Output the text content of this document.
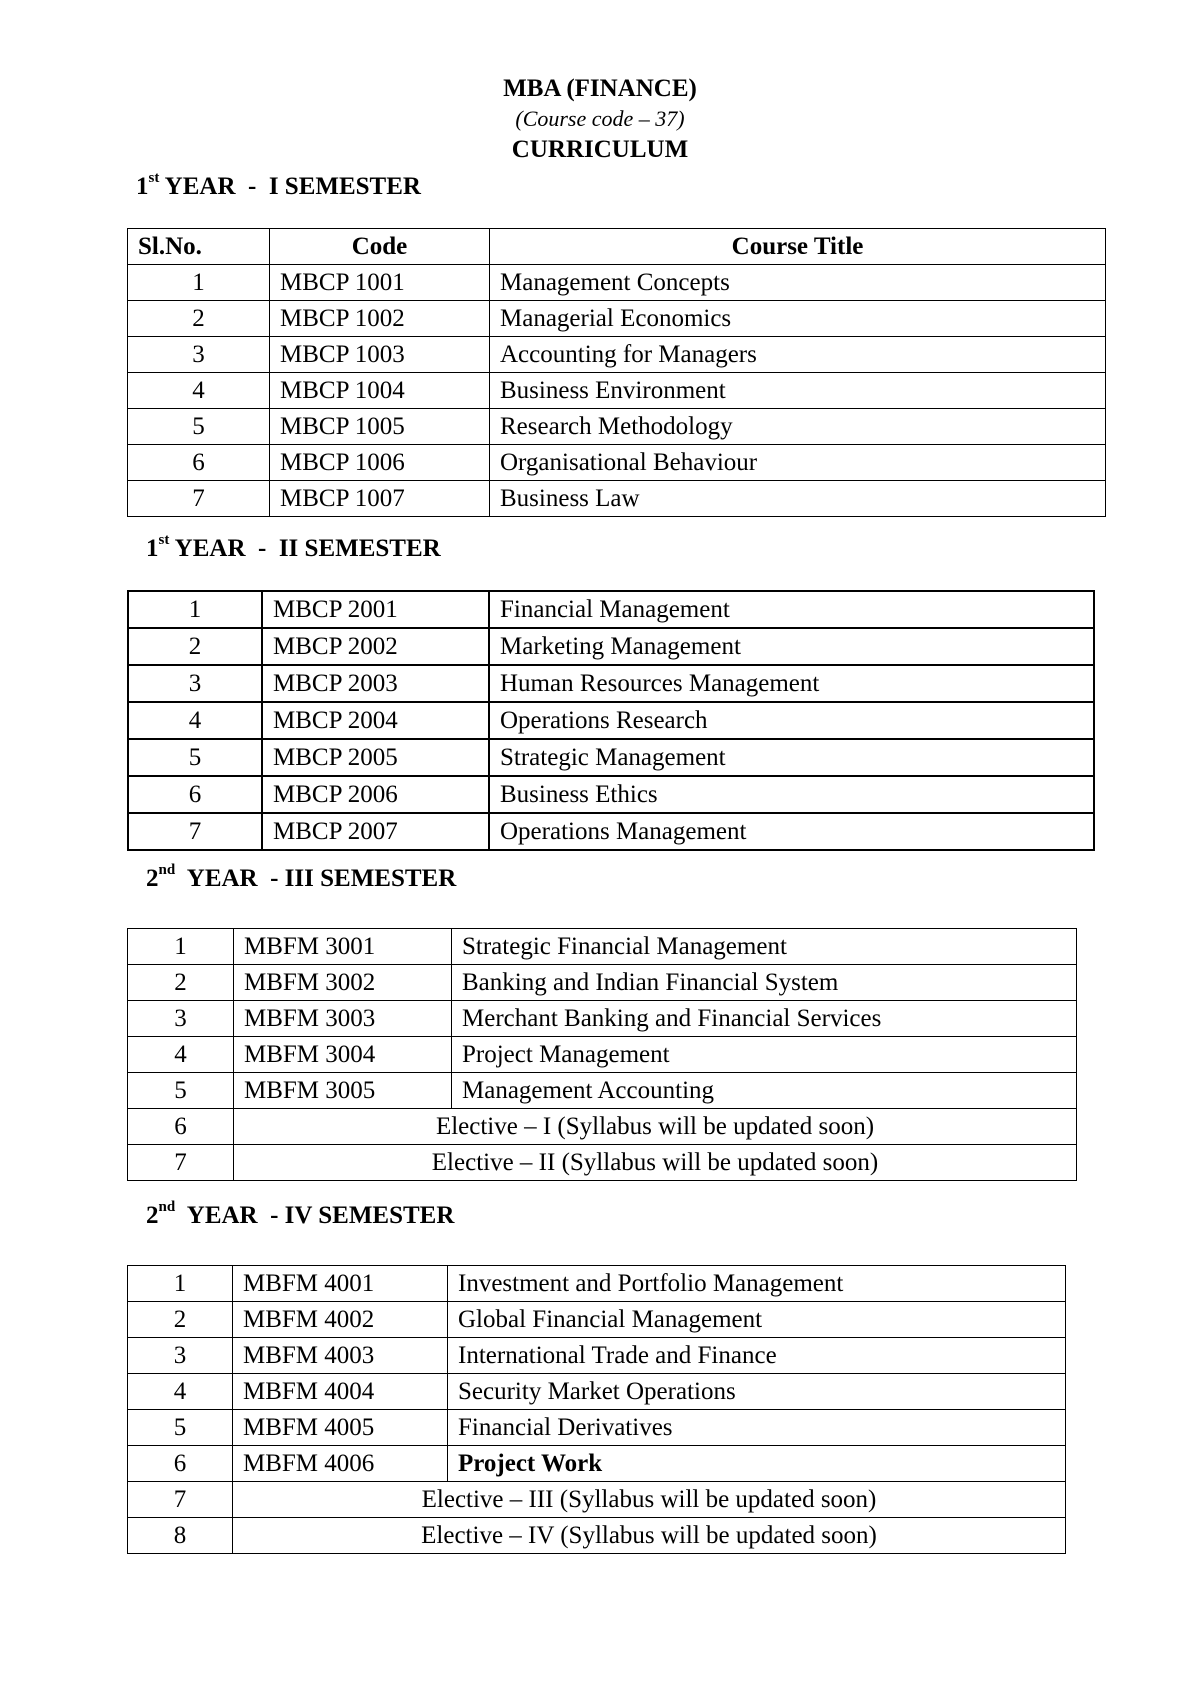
MBA (FINANCE)
(Course code – 37)
CURRICULUM
1st YEAR  -  I SEMESTER
Sl.No.	Code	Course Title
1	MBCP 1001	Management Concepts
2	MBCP 1002	Managerial Economics
3	MBCP 1003	Accounting for Managers
4	MBCP 1004	Business Environment
5	MBCP 1005	Research Methodology
6	MBCP 1006	Organisational Behaviour
7	MBCP 1007	Business Law
1st YEAR  -  II SEMESTER
1	MBCP 2001	Financial Management
2	MBCP 2002	Marketing Management
3	MBCP 2003	Human Resources Management
4	MBCP 2004	Operations Research
5	MBCP 2005	Strategic Management
6	MBCP 2006	Business Ethics
7	MBCP 2007	Operations Management
2nd  YEAR  - III SEMESTER
1	MBFM 3001	Strategic Financial Management
2	MBFM 3002	Banking and Indian Financial System
3	MBFM 3003	Merchant Banking and Financial Services
4	MBFM 3004	Project Management
5	MBFM 3005	Management Accounting
6	Elective – I (Syllabus will be updated soon)	
7	Elective – II (Syllabus will be updated soon)	
2nd  YEAR  - IV SEMESTER
1	MBFM 4001	Investment and Portfolio Management
2	MBFM 4002	Global Financial Management
3	MBFM 4003	International Trade and Finance
4	MBFM 4004	Security Market Operations
5	MBFM 4005	Financial Derivatives
6	MBFM 4006	Project Work
7	Elective – III (Syllabus will be updated soon)	
8	Elective – IV (Syllabus will be updated soon)	
